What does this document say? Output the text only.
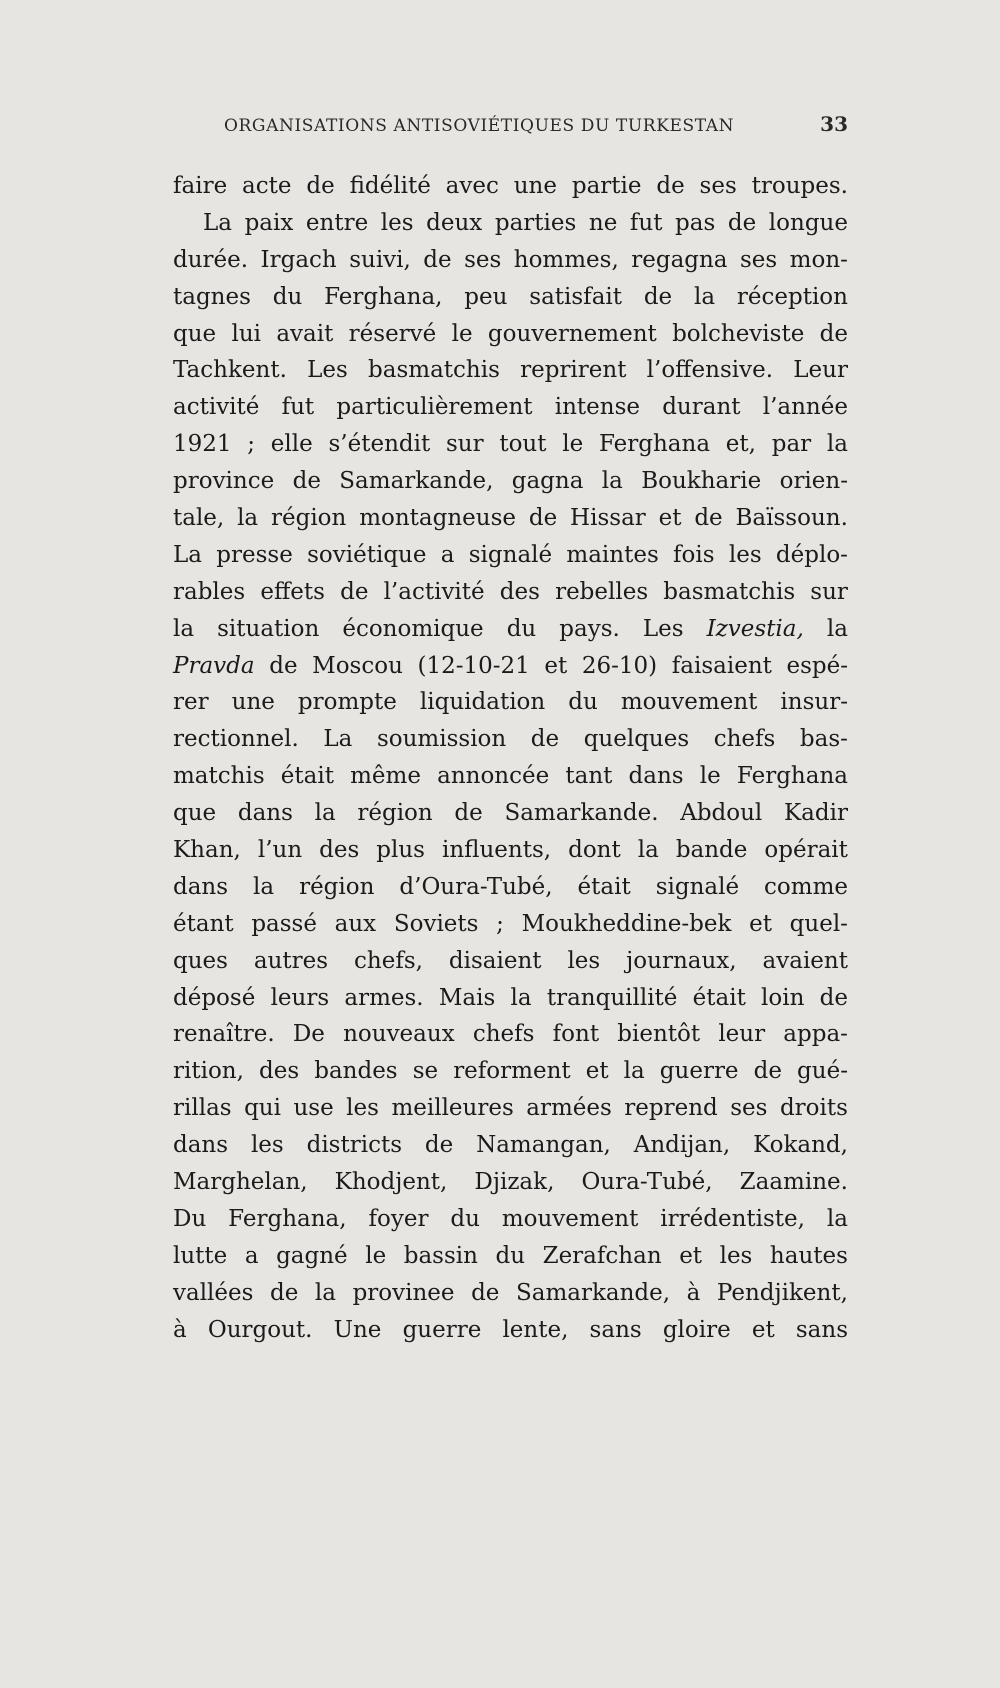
ORGANISATIONS ANTISOVIÉTIQUES DU TURKESTAN	33
faire acte de fidélité avec une partie de ses troupes.
La paix entre les deux parties ne fut pas de longue
durée. Irgach suivi, de ses hommes, regagna ses mon-
tagnes du Ferghana, peu satisfait de la réception
que lui avait réservé le gouvernement bolcheviste de
Tachkent. Les basmatchis reprirent l’offensive. Leur
activité fut particulièrement intense durant l’année
1921 ; elle s’étendit sur tout le Ferghana et, par la
province de Samarkande, gagna la Boukharie orien-
tale, la région montagneuse de Hissar et de Baïssoun.
La presse soviétique a signalé maintes fois les déplo-
rables effets de l’activité des rebelles basmatchis sur
la situation économique du pays. Les Izvestia, la
Pravda de Moscou (12-10-21 et 26-10) faisaient espé-
rer une prompte liquidation du mouvement insur-
rectionnel. La soumission de quelques chefs bas-
matchis était même annoncée tant dans le Ferghana
que dans la région de Samarkande. Abdoul Kadir
Khan, l’un des plus influents, dont la bande opérait
dans la région d’Oura-Tubé, était signalé comme
étant passé aux Soviets ; Moukheddine-bek et quel-
ques autres chefs, disaient les journaux, avaient
déposé leurs armes. Mais la tranquillité était loin de
renaître. De nouveaux chefs font bientôt leur appa-
rition, des bandes se reforment et la guerre de gué-
rillas qui use les meilleures armées reprend ses droits
dans les districts de Namangan, Andijan, Kokand,
Marghelan, Khodjent, Djizak, Oura-Tubé, Zaamine.
Du Ferghana, foyer du mouvement irrédentiste, la
lutte a gagné le bassin du Zerafchan et les hautes
vallées de la provinee de Samarkande, à Pendjikent,
à Ourgout. Une guerre lente, sans gloire et sans
